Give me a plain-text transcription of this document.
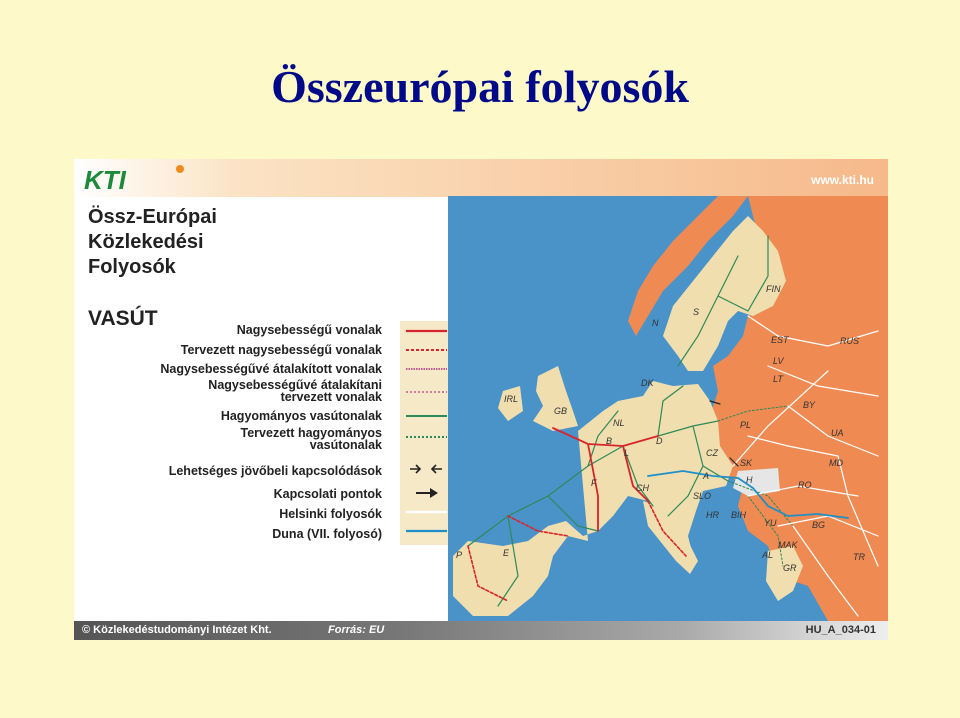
Összeurópai folyosók
KTI	www.kti.hu
Össz-Európai
Közlekedési
Folyosók
VASÚT	Nagysebességű vonalak
Tervezett nagysebességű vonalak
Nagysebességűvé átalakított vonalak
Nagysebességűvé átalakítani tervezett vonalak
Hagyományos vasútonalak
Tervezett hagyományos vasútonalak
Lehetséges jövőbeli kapcsolódások
Kapcsolati pontok
Helsinki folyosók
Duna (VII. folyosó)
FIN
S
N
EST	RUS
LV
LT
DK
IRL
GB
NL
B
L
D
PL
BY
UA
CZ
SK
A	H
F	CH
SLO
HR BIH
RO
MD
YU	BG
MAK
AL
GR
TR
P	E
© Közlekedéstudományi Intézet Kht.	Forrás: EU	HU_A_034-01
